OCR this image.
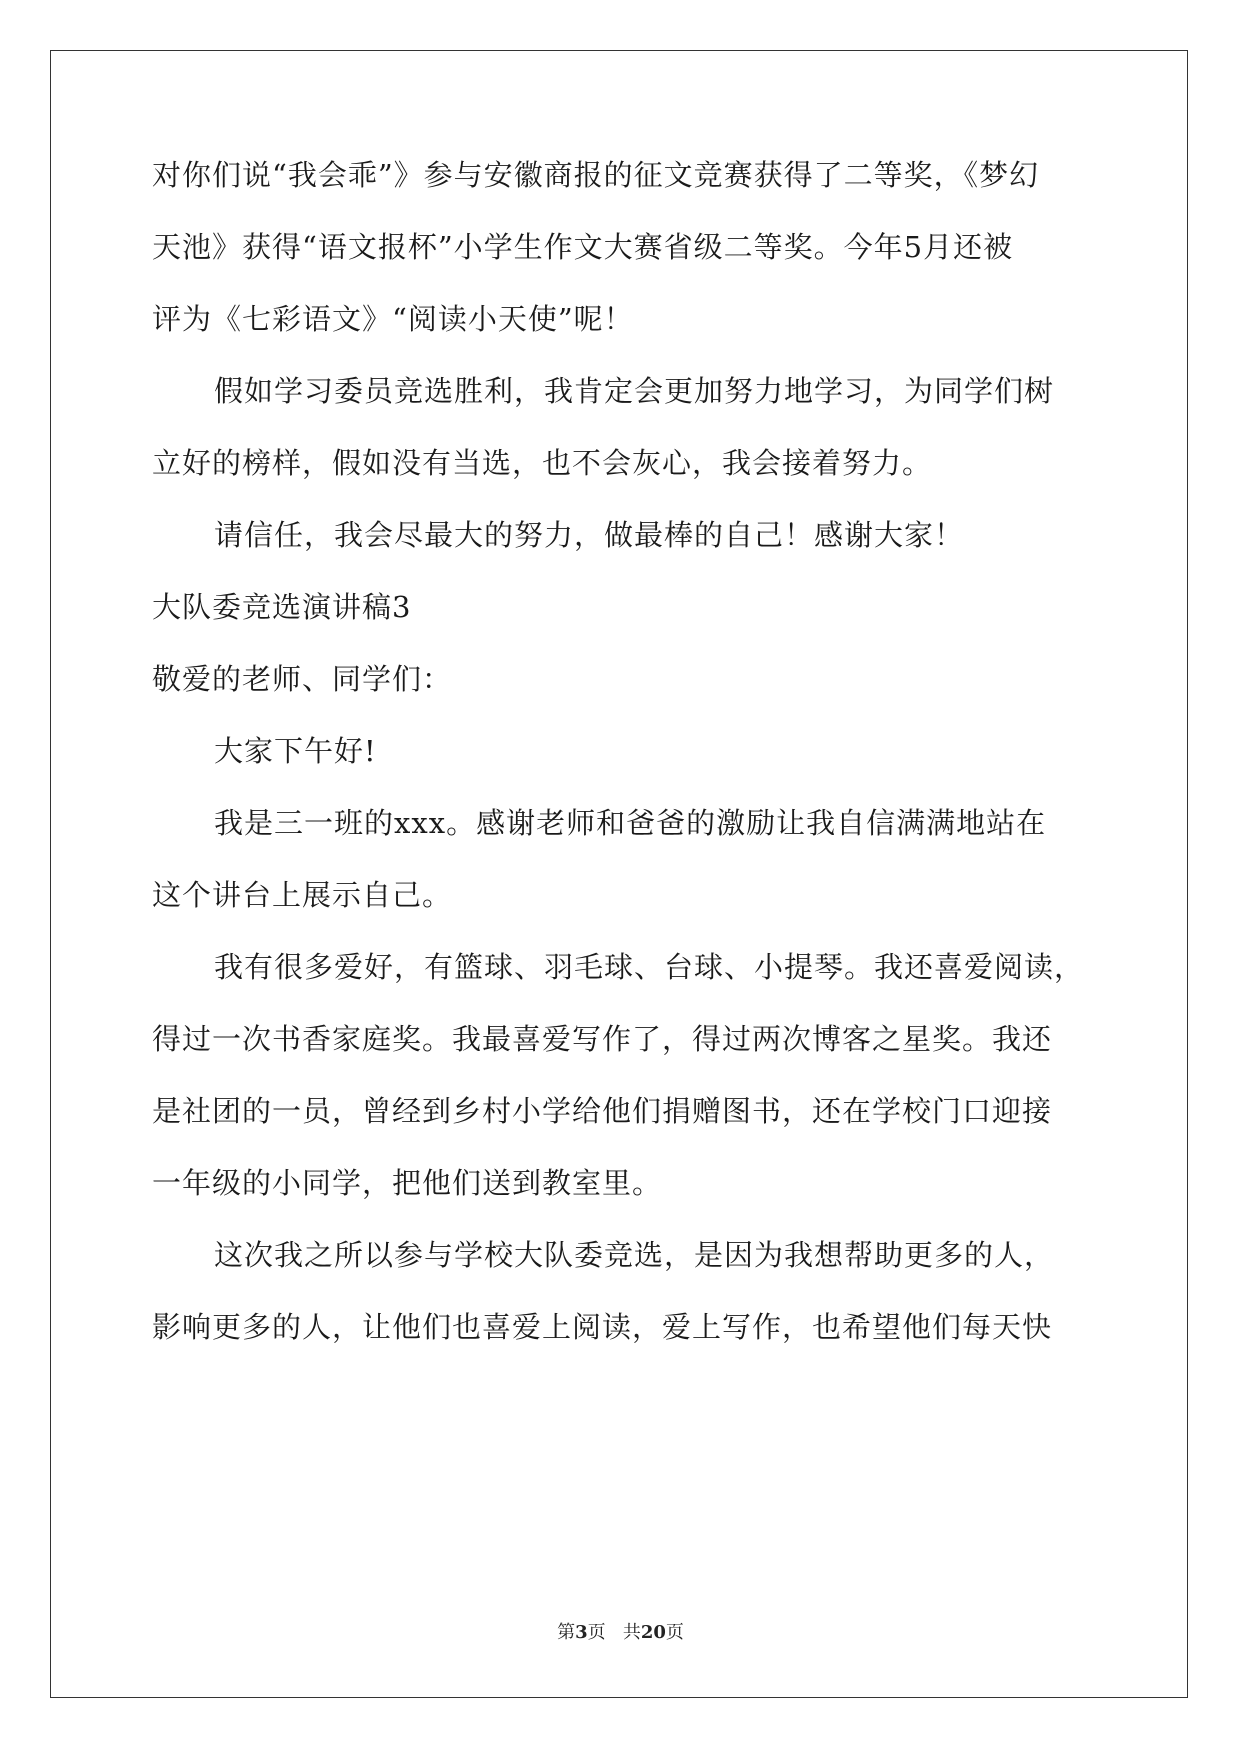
对你们说“我会乖”》参与安徽商报的征文竞赛获得了二等奖，《梦幻
天池》获得“语文报杯”小学生作文大赛省级二等奖。今年5月还被
评为《七彩语文》“阅读小天使”呢！
假如学习委员竞选胜利，我肯定会更加努力地学习，为同学们树
立好的榜样，假如没有当选，也不会灰心，我会接着努力。
请信任，我会尽最大的努力，做最棒的自己！感谢大家！
大队委竞选演讲稿3
敬爱的老师、同学们：
大家下午好!
我是三一班的xxx。感谢老师和爸爸的激励让我自信满满地站在
这个讲台上展示自己。
我有很多爱好，有篮球、羽毛球、台球、小提琴。我还喜爱阅读，
得过一次书香家庭奖。我最喜爱写作了，得过两次博客之星奖。我还
是社团的一员，曾经到乡村小学给他们捐赠图书，还在学校门口迎接
一年级的小同学，把他们送到教室里。
这次我之所以参与学校大队委竞选，是因为我想帮助更多的人，
影响更多的人，让他们也喜爱上阅读，爱上写作，也希望他们每天快
第3页 共20页
